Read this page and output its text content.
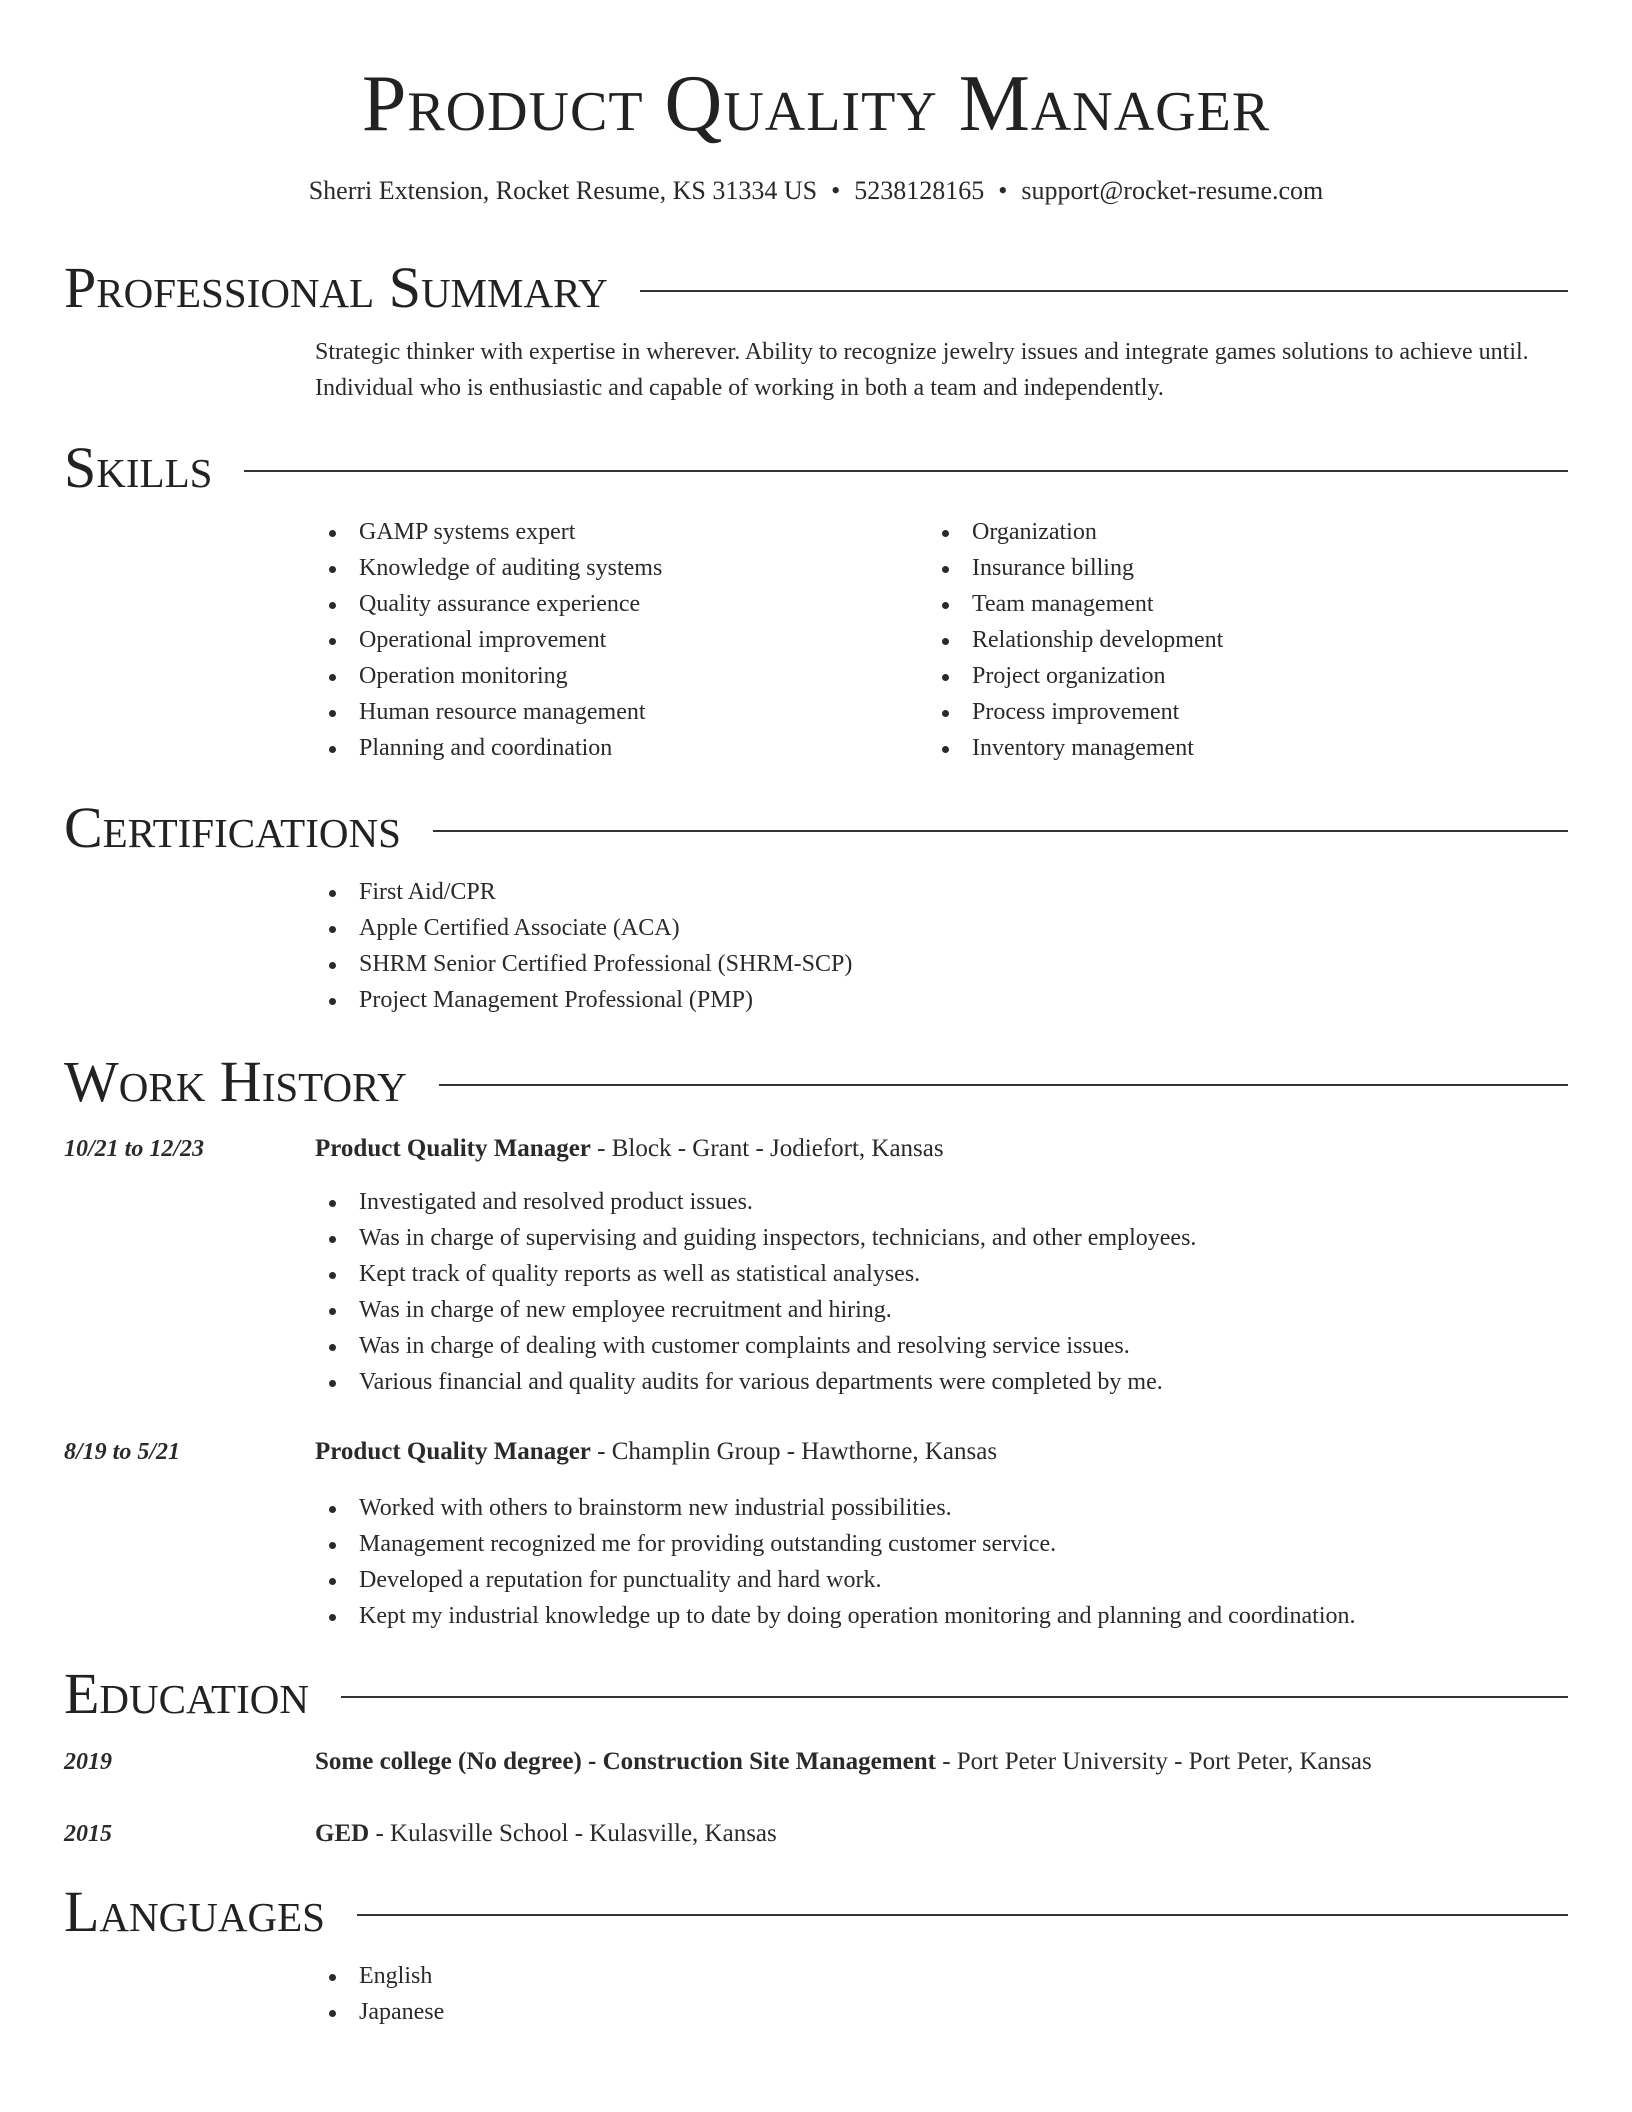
Product Quality Manager
Sherri Extension, Rocket Resume, KS 31334 US • 5238128165 • support@rocket-resume.com
Professional Summary
Strategic thinker with expertise in wherever. Ability to recognize jewelry issues and integrate games solutions to achieve until. Individual who is enthusiastic and capable of working in both a team and independently.
Skills
GAMP systems expert
Knowledge of auditing systems
Quality assurance experience
Operational improvement
Operation monitoring
Human resource management
Planning and coordination
Organization
Insurance billing
Team management
Relationship development
Project organization
Process improvement
Inventory management
Certifications
First Aid/CPR
Apple Certified Associate (ACA)
SHRM Senior Certified Professional (SHRM-SCP)
Project Management Professional (PMP)
Work History
10/21 to 12/23	Product Quality Manager - Block - Grant - Jodiefort, Kansas
Investigated and resolved product issues.
Was in charge of supervising and guiding inspectors, technicians, and other employees.
Kept track of quality reports as well as statistical analyses.
Was in charge of new employee recruitment and hiring.
Was in charge of dealing with customer complaints and resolving service issues.
Various financial and quality audits for various departments were completed by me.
8/19 to 5/21	Product Quality Manager - Champlin Group - Hawthorne, Kansas
Worked with others to brainstorm new industrial possibilities.
Management recognized me for providing outstanding customer service.
Developed a reputation for punctuality and hard work.
Kept my industrial knowledge up to date by doing operation monitoring and planning and coordination.
Education
2019	Some college (No degree) - Construction Site Management - Port Peter University - Port Peter, Kansas
2015	GED - Kulasville School - Kulasville, Kansas
Languages
English
Japanese
